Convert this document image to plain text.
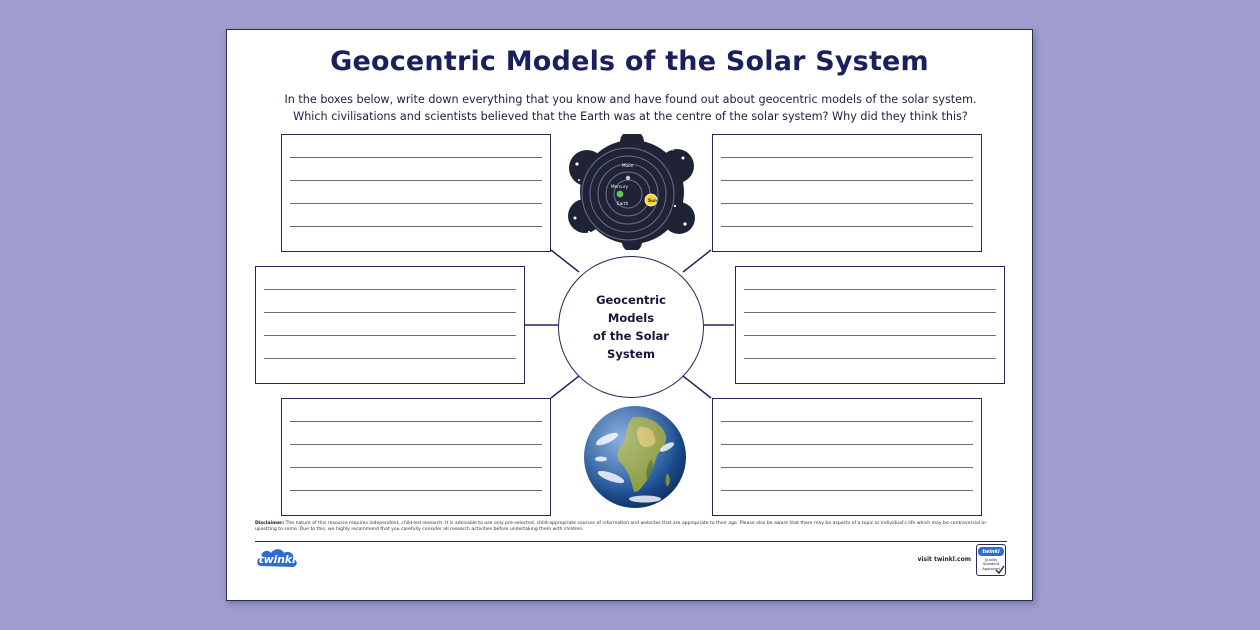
Geocentric Models of the Solar System
In the boxes below, write down everything that you know and have found out about geocentric models of the solar system.
Which civilisations and scientists believed that the Earth was at the centre of the solar system? Why did they think this?
Geocentric Models
of the Solar System
Moon
Earth
Sun
Mercury
Stars
Disclaimer: The nature of this resource requires independent, child-led research. It is advisable to use only pre-selected, child-appropriate sources of information and websites that are appropriate to their age. Please also be aware that there may be aspects of a topic or individual's life which may be controversial or upsetting to some. Due to this, we highly recommend that you carefully consider all research activities before undertaking them with children.
twinkl	visit twinkl.com
twinkl
Quality Standard Approved
